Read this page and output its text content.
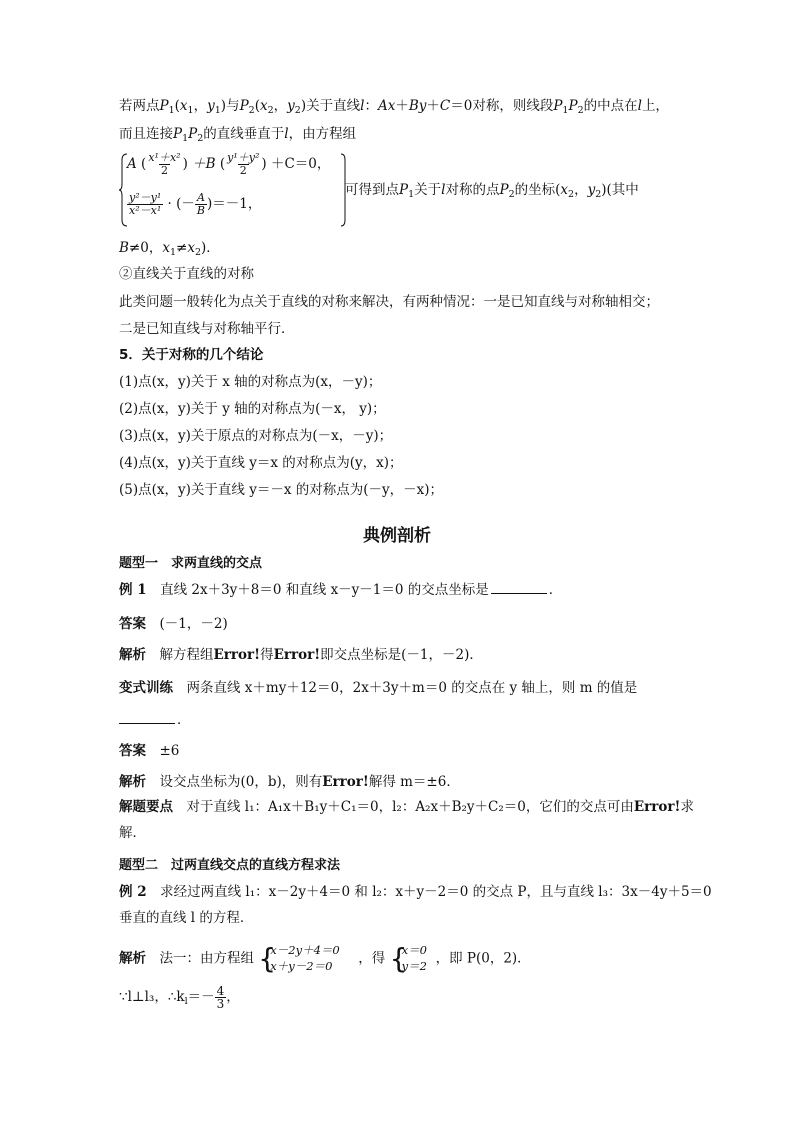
若两点$P_1(x_1$，$y_1$)与$P_2(x_2$，$y_2$)关于直线l：Ax＋By＋C＝0对称，则线段$P_1P_2$的中点在l上，
而且连接$P_1P_2$的直线垂直于l，由方程组
A ( $\frac{\text{x¹＋x²}}{2}$ ) ＋B ( $\frac{\text{y¹＋y²}}{2}$ ) ＋C＝0，
$\frac{\text{y²－y¹}}{\text{x²－x¹}}$ · (－ $\frac{A}{B} )=-1$，
可得到点$P_1$关于l对称的点$P_2$的坐标($x_2$，$y_2$)(其中
B≠0，$x_1\ne x_2$)．
②直线关于直线的对称
此类问题一般转化为点关于直线的对称来解决，有两种情况：一是已知直线与对称轴相交；
二是已知直线与对称轴平行．
5．关于对称的几个结论
(1)点(x，y)关于 x 轴的对称点为(x，－y)；
(2)点(x，y)关于 y 轴的对称点为(－x， y)；
(3)点(x，y)关于原点的对称点为(－x，－y)；
(4)点(x，y)关于直线 y＝x 的对称点为(y，x)；
(5)点(x，y)关于直线 y＝－x 的对称点为(－y，－x)；
典例剖析
题型一　求两直线的交点
例 1　直线 2x＋3y＋8＝0 和直线 x－y－1＝0 的交点坐标是	．
答案　(－1，－2)
解析　解方程组Error!得Error!即交点坐标是(－1，－2)．
变式训练　两条直线 x＋my＋12＝0，2x＋3y＋m＝0 的交点在 y 轴上，则 m 的值是
．
答案　±6
解析　设交点坐标为(0，b)，则有Error!解得 m＝±6．
解题要点　对于直线 l₁：A₁x＋B₁y＋C₁＝0，l₂：A₂x＋B₂y＋C₂＝0，它们的交点可由Error!求
解．
题型二　过两直线交点的直线方程求法
例 2　求经过两直线 l₁：x－2y＋4＝0 和 l₂：x＋y－2＝0 的交点 P，且与直线 l₃：3x－4y＋5＝0
垂直的直线 l 的方程．
解析　法一：由方程组 {
x－2y＋4＝0
x＋y－2＝0 ，得 {
x＝0
y＝2 ，即 P(0，2)．
∵l⊥l₃，$\therefore k_l=- \frac{4}{3}$ ，
